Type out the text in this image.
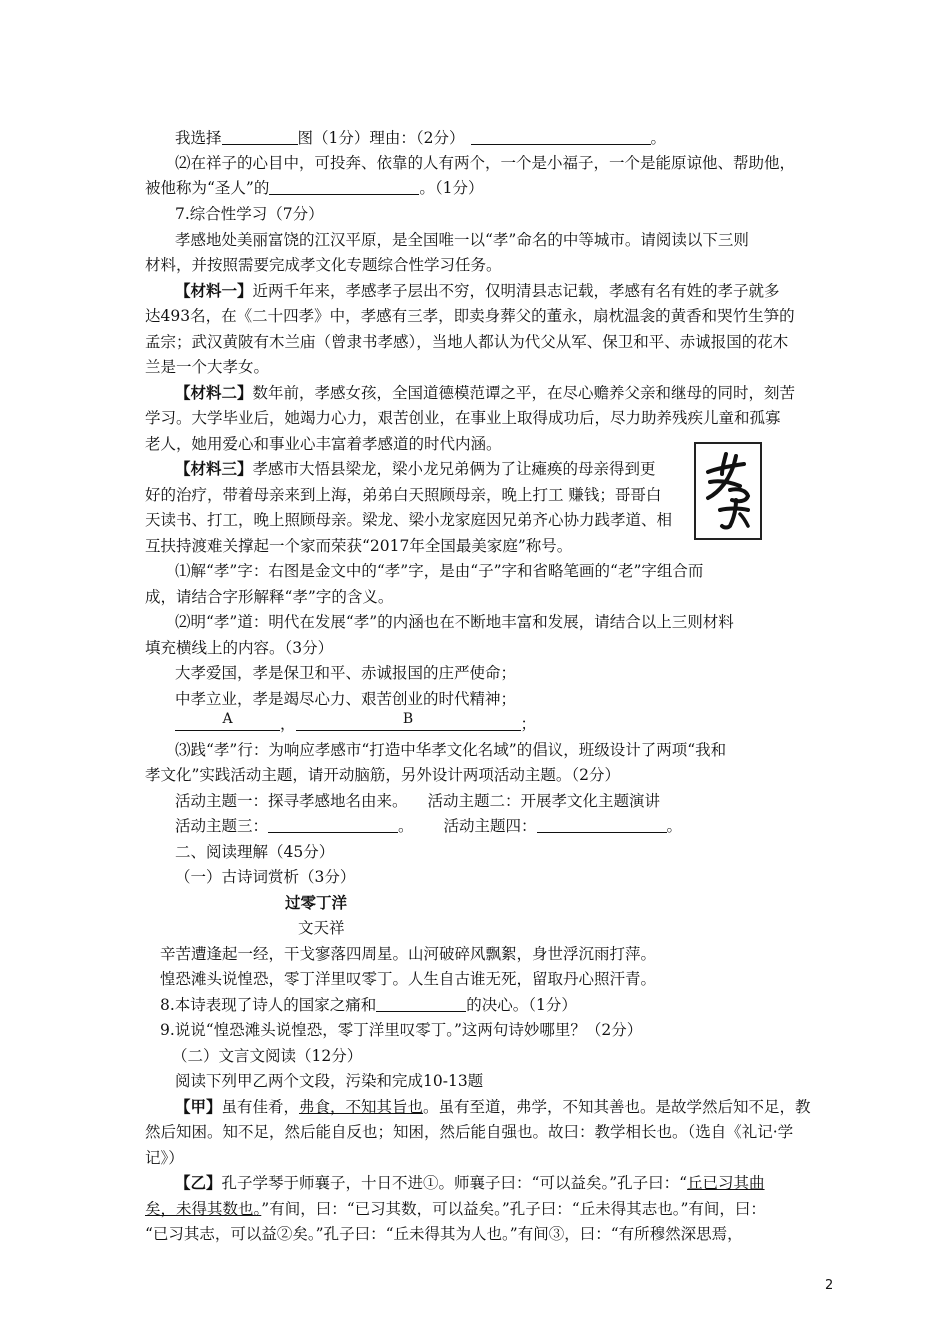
我选择	图（1分）理由：（2分）	。
⑵在祥子的心目中，可投奔、依靠的人有两个，一个是小福子，一个是能原谅他、帮助他，
被他称为“圣人”的	。（1分）
7.综合性学习（7分）
孝感地处美丽富饶的江汉平原，是全国唯一以“孝”命名的中等城市。请阅读以下三则
材料，并按照需要完成孝文化专题综合性学习任务。
【材料一】近两千年来，孝感孝子层出不穷，仅明清县志记载，孝感有名有姓的孝子就多
达493名，在《二十四孝》中，孝感有三孝，即卖身葬父的董永，扇枕温衾的黄香和哭竹生笋的
孟宗；武汉黄陂有木兰庙（曾隶书孝感），当地人都认为代父从军、保卫和平、赤诚报国的花木
兰是一个大孝女。
【材料二】数年前，孝感女孩，全国道德模范谭之平，在尽心赡养父亲和继母的同时，刻苦
学习。大学毕业后，她竭力心力，艰苦创业，在事业上取得成功后，尽力助养残疾儿童和孤寡
老人，她用爱心和事业心丰富着孝感道的时代内涵。
【材料三】孝感市大悟县梁龙，梁小龙兄弟俩为了让瘫痪的母亲得到更
好的治疗，带着母亲来到上海，弟弟白天照顾母亲，晚上打工 赚钱；哥哥白
天读书、打工，晚上照顾母亲。梁龙、梁小龙家庭因兄弟齐心协力践孝道、相
互扶持渡难关撑起一个家而荣获“2017年全国最美家庭”称号。
⑴解“孝”字：右图是金文中的“孝”字，是由“子”字和省略笔画的“老”字组合而
成，请结合字形解释“孝”字的含义。
⑵明“孝”道：明代在发展“孝”的内涵也在不断地丰富和发展，请结合以上三则材料
填充横线上的内容。（3分）
大孝爱国，孝是保卫和平、赤诚报国的庄严使命；
中孝立业，孝是竭尽心力、艰苦创业的时代精神；
A	，	B	；
⑶践“孝”行：为响应孝感市“打造中华孝文化名域”的倡议，班级设计了两项“我和
孝文化”实践活动主题，请开动脑筋，另外设计两项活动主题。（2分）
活动主题一：探寻孝感地名由来。 活动主题二：开展孝文化主题演讲
活动主题三：	。 活动主题四：	。
二、阅读理解（45分）
（一）古诗词赏析（3分）
过零丁洋
文天祥
辛苦遭逢起一经，干戈寥落四周星。山河破碎风飘絮，身世浮沉雨打萍。
惶恐滩头说惶恐，零丁洋里叹零丁。人生自古谁无死，留取丹心照汗青。
8.本诗表现了诗人的国家之痛和	的决心。（1分）
9.说说“惶恐滩头说惶恐，零丁洋里叹零丁。”这两句诗妙哪里？（2分）
（二）文言文阅读（12分）
阅读下列甲乙两个文段，污染和完成10-13题
【甲】虽有佳肴，弗食，不知其旨也。虽有至道，弗学，不知其善也。是故学然后知不足，教
然后知困。知不足，然后能自反也；知困，然后能自强也。故曰：教学相长也。（选自《礼记·学
记》）
【乙】孔子学琴于师襄子，十日不进①。师襄子曰：“可以益矣。”孔子曰：“丘已习其曲
矣，未得其数也。”有间，曰：“已习其数，可以益矣。”孔子曰：“丘未得其志也。”有间，曰：
“已习其志，可以益②矣。”孔子曰：“丘未得其为人也。”有间③，曰：“有所穆然深思焉，
2
